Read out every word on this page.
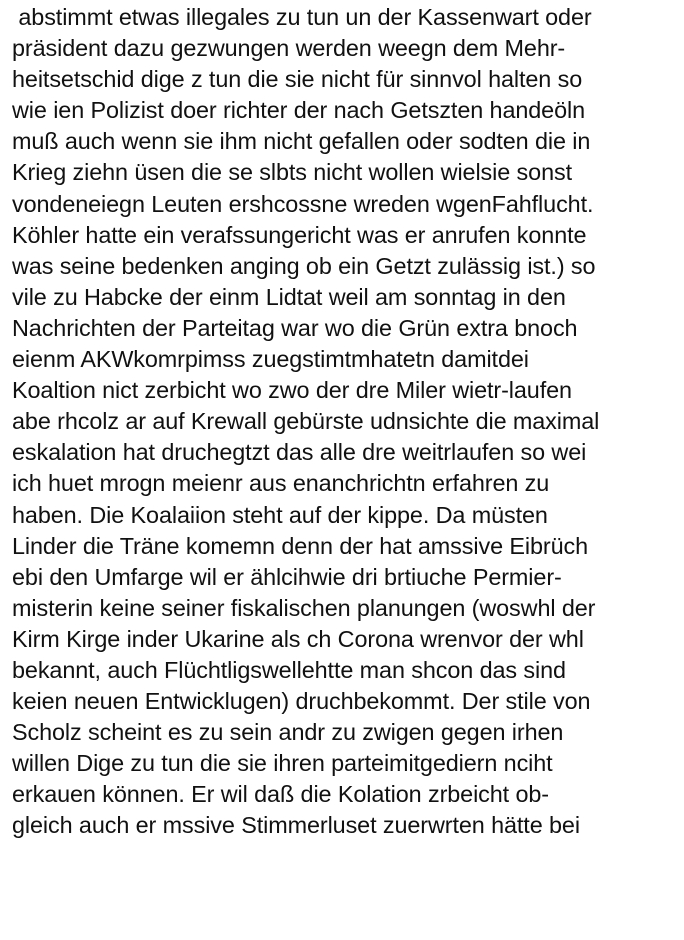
abstimmt etwas illegales zu tun un der Kassenwart oder
präsident dazu gezwungen werden weegn dem Mehr-
heitsetschid dige z tun die sie nicht für sinnvol halten so
wie ien Polizist doer richter der nach Getszten handeöln
muß auch wenn sie ihm nicht gefallen oder sodten die in
Krieg ziehn üsen die se slbts nicht wollen wielsie sonst
vondeneiegn Leuten ershcossne wreden wgenFahflucht.
Köhler hatte ein verafssungericht was er anrufen konnte
was seine bedenken anging ob ein Getzt zulässig ist.) so
vile zu Habcke der einm Lidtat weil am sonntag in den
Nachrichten der Parteitag war wo die Grün extra bnoch
eienm AKWkomrpimss zuegstimtmhatetn damitdei
Koaltion nict zerbicht wo zwo der dre Miler wietr-laufen
abe rhcolz ar auf Krewall gebürste udnsichte die maximal
eskalation hat druchegtzt das alle dre weitrlaufen so wei
ich huet mrogn meienr aus enanchrichtn erfahren zu
haben. Die Koalaiion steht auf der kippe. Da müsten
Linder die Träne komemn denn der hat amssive Eibrüch
ebi den Umfarge wil er ählcihwie dri brtiuche Permier-
misterin keine seiner fiskalischen planungen (woswhl der
Kirm Kirge inder Ukarine als ch Corona wrenvor der whl
bekannt, auch Flüchtligswellehtte man shcon das sind
keien neuen Entwicklugen) druchbekommt. Der stile von
Scholz scheint es zu sein andr zu zwigen gegen irhen
willen Dige zu tun die sie ihren parteimitgediern nciht
erkauen können. Er wil daß die Kolation zrbeicht ob-
gleich auch er mssive Stimmerluset zuerwrten hätte bei
